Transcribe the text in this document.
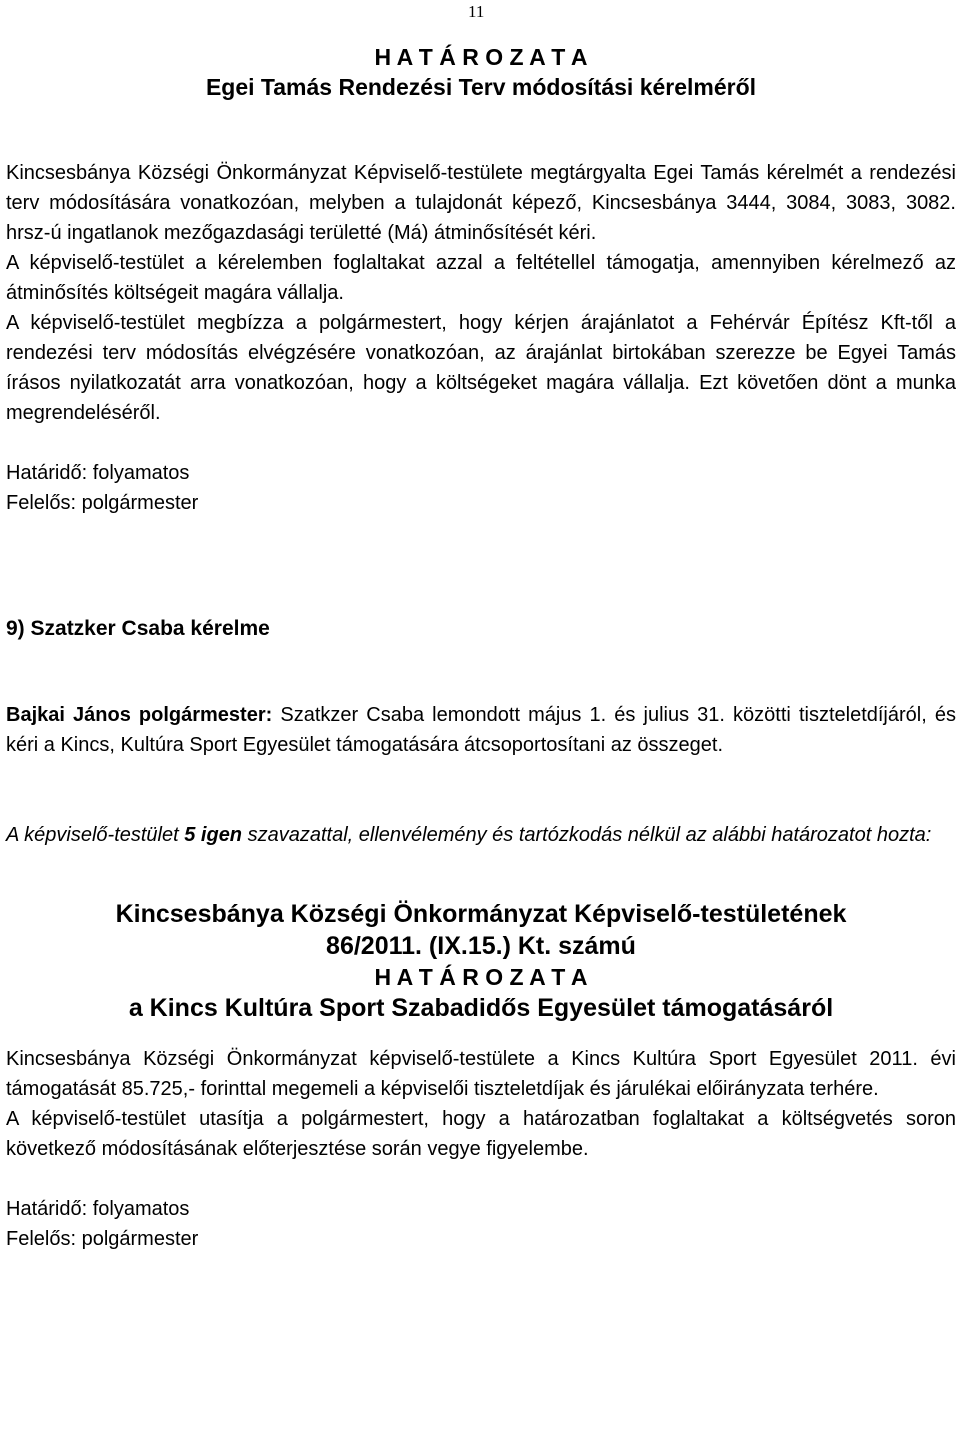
11
H A T Á R O Z A T A
Egei Tamás Rendezési Terv módosítási kérelméről

Kincsesbánya Községi Önkormányzat Képviselő-testülete megtárgyalta Egei Tamás kérelmét a rendezési terv módosítására vonatkozóan, melyben a tulajdonát képező, Kincsesbánya 3444, 3084, 3083, 3082. hrsz-ú ingatlanok mezőgazdasági területté (Má) átminősítését kéri.

A képviselő-testület a kérelemben foglaltakat azzal a feltétellel támogatja, amennyiben kérelmező az átminősítés költségeit magára vállalja.

A képviselő-testület megbízza a polgármestert, hogy kérjen árajánlatot a Fehérvár Építész Kft-től a rendezési terv módosítás elvégzésére vonatkozóan, az árajánlat birtokában szerezze be Egyei Tamás írásos nyilatkozatát arra vonatkozóan, hogy a költségeket magára vállalja. Ezt követően dönt a munka megrendeléséről.

Határidő: folyamatos
Felelős: polgármester
9) Szatzker Csaba kérelme

Bajkai János polgármester: Szatkzer Csaba lemondott május 1. és julius 31. közötti tiszteletdíjáról, és kéri a Kincs, Kultúra Sport Egyesület támogatására átcsoportosítani az összeget.

A képviselő-testület 5 igen szavazattal, ellenvélemény és tartózkodás nélkül az alábbi határozatot hozta:

Kincsesbánya Községi Önkormányzat Képviselő-testületének
86/2011. (IX.15.) Kt. számú
H A T Á R O Z A T A
a Kincs Kultúra Sport Szabadidős Egyesület támogatásáról

Kincsesbánya Községi Önkormányzat képviselő-testülete a Kincs Kultúra Sport Egyesület 2011. évi támogatását 85.725,- forinttal megemeli a képviselői tiszteletdíjak és járulékai előirányzata terhére.

A képviselő-testület utasítja a polgármestert, hogy a határozatban foglaltakat a költségvetés soron következő módosításának előterjesztése során vegye figyelembe.

Határidő: folyamatos
Felelős: polgármester
